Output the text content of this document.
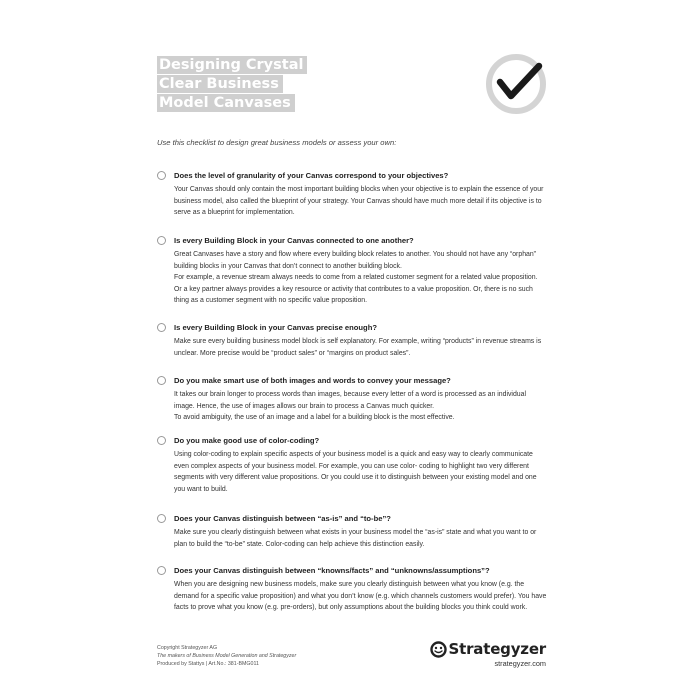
Designing Crystal
Clear Business
Model Canvases
Use this checklist to design great business models or assess your own:
Does the level of granularity of your Canvas correspond to your objectives?

Your Canvas should only contain the most important building blocks when your objective is to explain the essence of your business model, also called the blueprint of your strategy. Your Canvas should have much more detail if its objective is to serve as a blueprint for implementation.

Is every Building Block in your Canvas connected to one another?

Great Canvases have a story and flow where every building block relates to another. You should not have any “orphan” building blocks in your Canvas that don’t connect to another building block.

For example, a revenue stream always needs to come from a related customer segment for a related value proposition. Or a key partner always provides a key resource or activity that contributes to a value proposition. Or, there is no such thing as a customer segment with no specific value proposition.

Is every Building Block in your Canvas precise enough?

Make sure every building business model block is self explanatory. For example, writing “products” in revenue streams is unclear. More precise would be “product sales” or “margins on product sales”.

Do you make smart use of both images and words to convey your message?

It takes our brain longer to process words than images, because every letter of a word is processed as an individual image. Hence, the use of images allows our brain to process a Canvas much quicker.

To avoid ambiguity, the use of an image and a label for a building block is the most effective.

Do you make good use of color-coding?

Using color-coding to explain specific aspects of your business model is a quick and easy way to clearly communicate even complex aspects of your business model. For example, you can use color- coding to highlight two very different segments with very different value propositions. Or you could use it to distinguish between your existing model and one you want to build.

Does your Canvas distinguish between “as-is” and “to-be”?

Make sure you clearly distinguish between what exists in your business model the “as-is” state and what you want to or plan to build the “to-be” state. Color-coding can help achieve this distinction easily.

Does your Canvas distinguish between “knowns/facts” and “unknowns/assumptions”?

When you are designing new business models, make sure you clearly distinguish between what you know (e.g. the demand for a specific value proposition) and what you don’t know (e.g. which channels customers would prefer). You have facts to prove what you know (e.g. pre-orders), but only assumptions about the building blocks you think could work.

Copyright Strategyzer AG
The makers of Business Model Generation and Strategyzer
Produced by Stattys | Art.No.: 381-BMG011
Strategyzer
strategyzer.com
